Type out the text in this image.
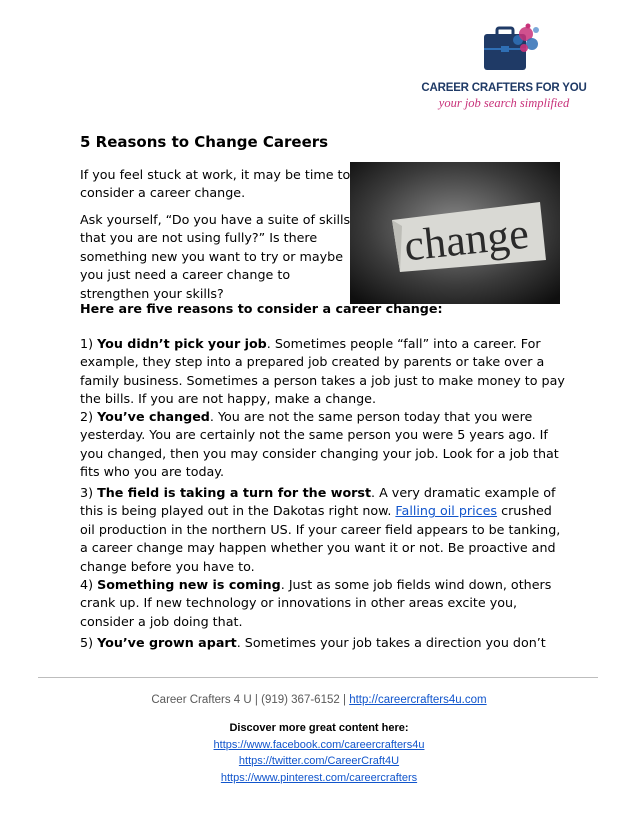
CAREER CRAFTERS FOR YOU
your job search simplified
5 Reasons to Change Careers

If you feel stuck at work, it may be time to
consider a career change.

Ask yourself, “Do you have a suite of skills
that you are not using fully?” Is there
something new you want to try or maybe
you just need a career change to
strengthen your skills?

change

Here are five reasons to consider a career change:

1) You didn’t pick your job. Sometimes people “fall” into a career. For
example, they step into a prepared job created by parents or take over a
family business. Sometimes a person takes a job just to make money to pay
the bills. If you are not happy, make a change.

2) You’ve changed. You are not the same person today that you were
yesterday. You are certainly not the same person you were 5 years ago. If
you changed, then you may consider changing your job. Look for a job that
fits who you are today.

3) The field is taking a turn for the worst. A very dramatic example of
this is being played out in the Dakotas right now. Falling oil prices crushed
oil production in the northern US. If your career field appears to be tanking,
a career change may happen whether you want it or not. Be proactive and
change before you have to.

4) Something new is coming. Just as some job fields wind down, others
crank up. If new technology or innovations in other areas excite you,
consider a job doing that.

5) You’ve grown apart. Sometimes your job takes a direction you don’t

Career Crafters 4 U | (919) 367-6152 | http://careercrafters4u.com
Discover more great content here:
https://www.facebook.com/careercrafters4u
https://twitter.com/CareerCraft4U
https://www.pinterest.com/careercrafters
